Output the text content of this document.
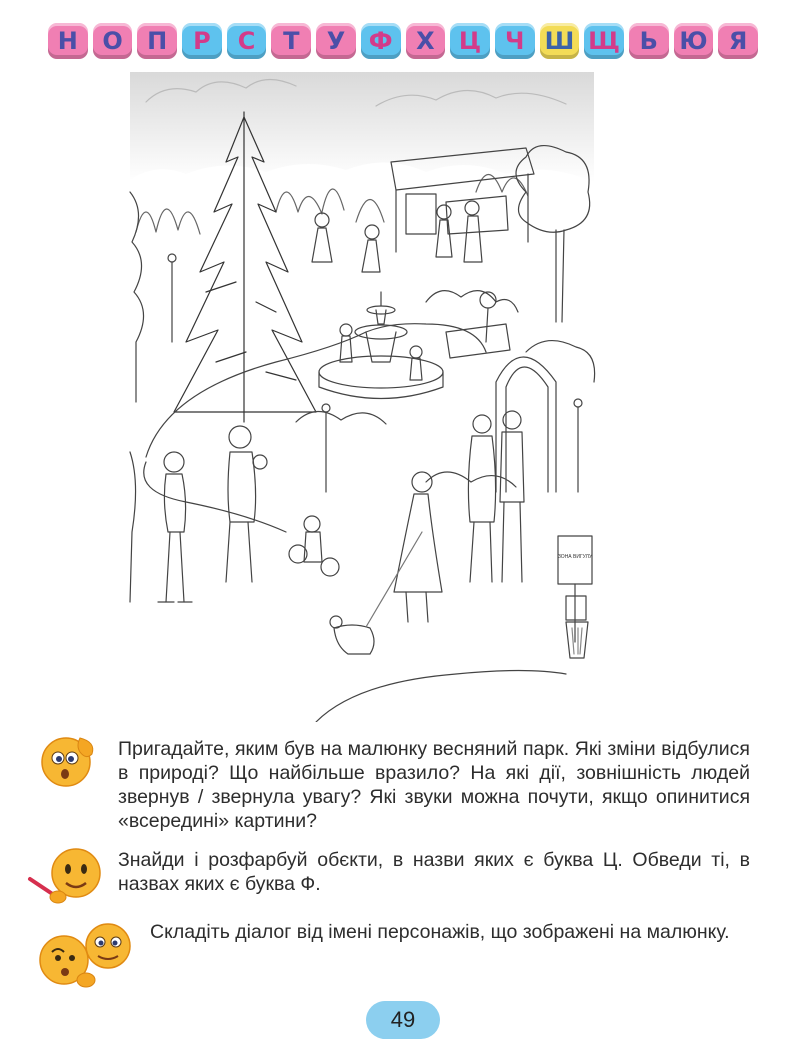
Н	О	П	Р	С	Т	У Ф Х	Ц Ч Ш Щ Ь Ю Я
ЗОНА ВИГУЛУ

Пригадайте, яким був на малюнку весняний парк. Які зміни відбулися в природі? Що найбільше вразило? На які дії, зовнішність людей звернув / звернула увагу? Які звуки можна почути, якщо опинитися «всередині» картини?

Знайди і розфарбуй обєкти, в назви яких є буква Ц. Обведи ті, в назвах яких є буква Ф.

Складіть діалог від імені персонажів, що зображені на малюнку.

49
